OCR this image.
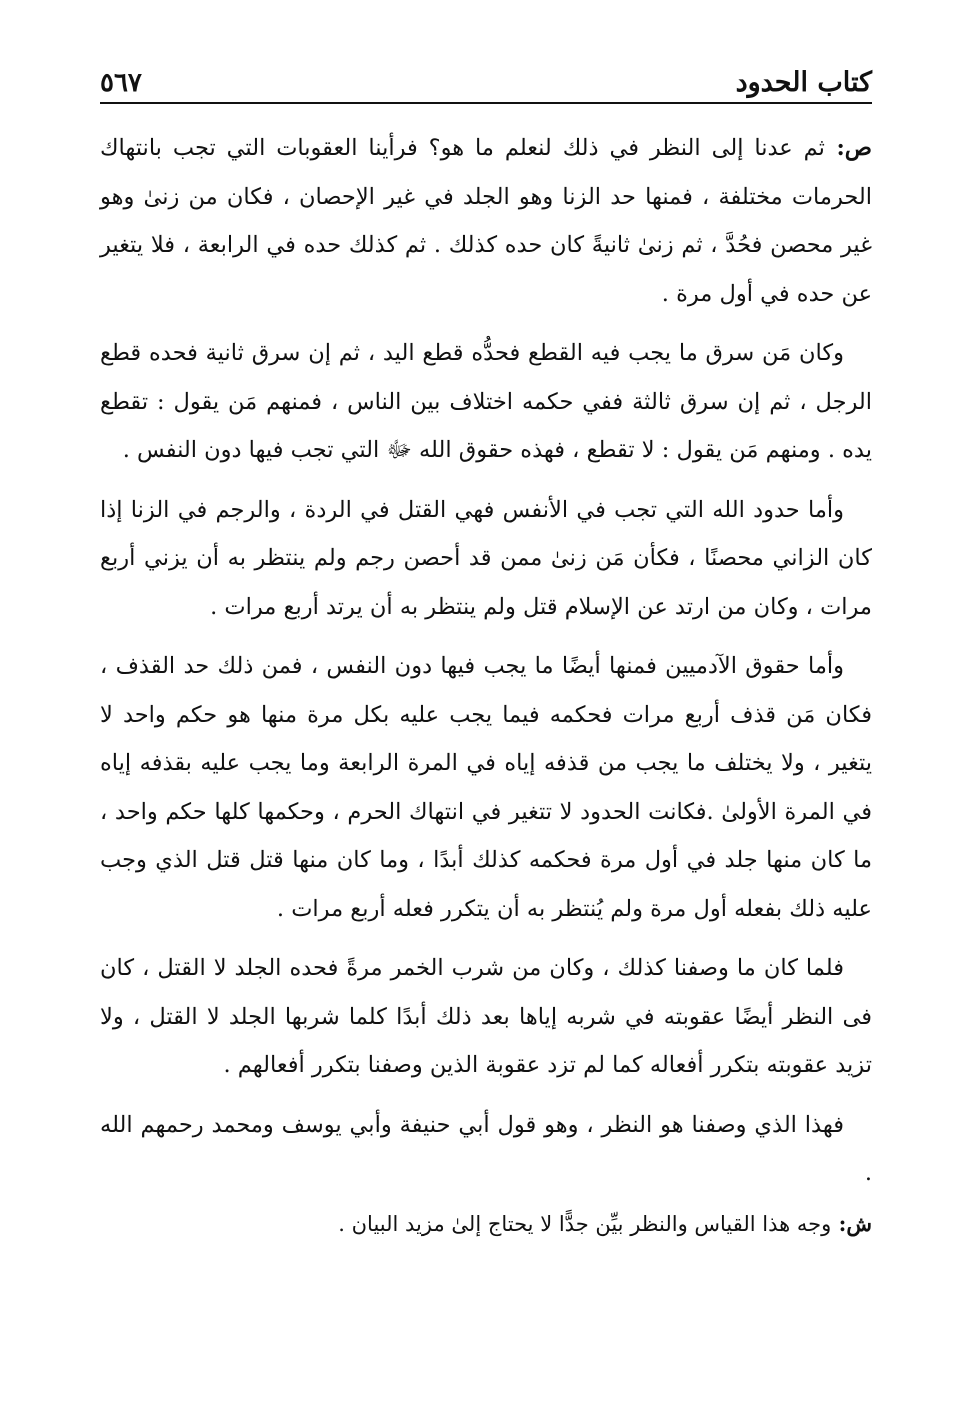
كتاب الحدود
٥٦٧

ص: ثم عدنا إلى النظر في ذلك لنعلم ما هو؟ فرأينا العقوبات التي تجب بانتهاك الحرمات مختلفة ، فمنها حد الزنا وهو الجلد في غير الإحصان ، فكان من زنىٰ وهو غير محصن فحُدَّ ، ثم زنىٰ ثانيةً كان حده كذلك . ثم كذلك حده في الرابعة ، فلا يتغير عن حده في أول مرة .

وكان مَن سرق ما يجب فيه القطع فحدُّه قطع اليد ، ثم إن سرق ثانية فحده قطع الرجل ، ثم إن سرق ثالثة ففي حكمه اختلاف بين الناس ، فمنهم مَن يقول : تقطع يده . ومنهم مَن يقول : لا تقطع ، فهذه حقوق الله ﷻ التي تجب فيها دون النفس .

وأما حدود الله التي تجب في الأنفس فهي القتل في الردة ، والرجم في الزنا إذا كان الزاني محصنًا ، فكأن مَن زنىٰ ممن قد أحصن رجم ولم ينتظر به أن يزني أربع مرات ، وكان من ارتد عن الإسلام قتل ولم ينتظر به أن يرتد أربع مرات .

وأما حقوق الآدميين فمنها أيضًا ما يجب فيها دون النفس ، فمن ذلك حد القذف ، فكان مَن قذف أربع مرات فحكمه فيما يجب عليه بكل مرة منها هو حكم واحد لا يتغير ، ولا يختلف ما يجب من قذفه إياه في المرة الرابعة وما يجب عليه بقذفه إياه في المرة الأولىٰ .فكانت الحدود لا تتغير في انتهاك الحرم ، وحكمها كلها حكم واحد ، ما كان منها جلد في أول مرة فحكمه كذلك أبدًا ، وما كان منها قتل قتل الذي وجب عليه ذلك بفعله أول مرة ولم يُنتظر به أن يتكرر فعله أربع مرات .

فلما كان ما وصفنا كذلك ، وكان من شرب الخمر مرةً فحده الجلد لا القتل ، كان فى النظر أيضًا عقوبته في شربه إياها بعد ذلك أبدًا كلما شربها الجلد لا القتل ، ولا تزيد عقوبته بتكرر أفعاله كما لم تزد عقوبة الذين وصفنا بتكرر أفعالهم .

فهذا الذي وصفنا هو النظر ، وهو قول أبي حنيفة وأبي يوسف ومحمد رحمهم الله .

ش: وجه هذا القياس والنظر بيِّن جدًّا لا يحتاج إلىٰ مزيد البيان .
